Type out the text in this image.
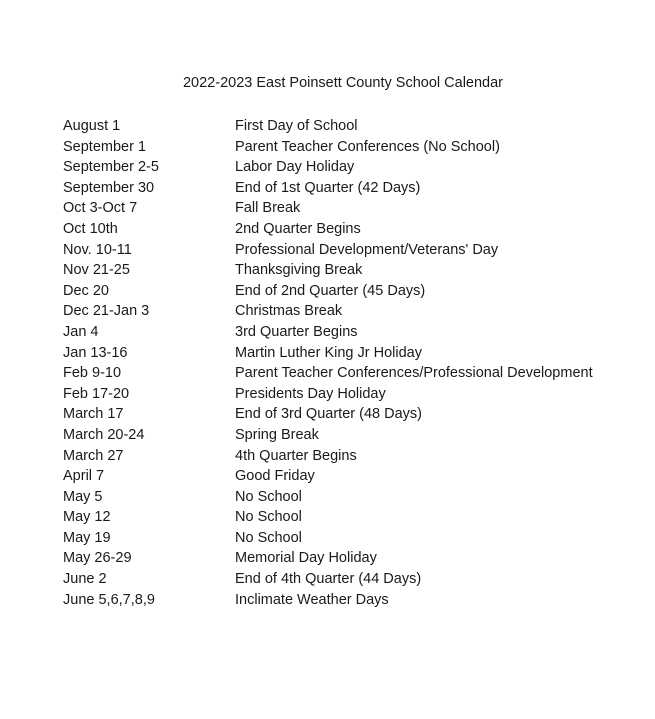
2022-2023 East Poinsett County School Calendar
August 1	First Day of School
September 1	Parent Teacher Conferences (No School)
September 2-5	Labor Day Holiday
September 30	End of 1st Quarter (42 Days)
Oct 3-Oct 7	Fall Break
Oct 10th	2nd Quarter Begins
Nov. 10-11	Professional Development/Veterans' Day
Nov 21-25	Thanksgiving Break
Dec 20	End of 2nd Quarter (45 Days)
Dec 21-Jan 3	Christmas Break
Jan 4	3rd Quarter Begins
Jan 13-16	Martin Luther King Jr Holiday
Feb 9-10	Parent Teacher Conferences/Professional Development
Feb 17-20	Presidents Day Holiday
March 17	End of 3rd Quarter (48 Days)
March 20-24	Spring Break
March 27	4th Quarter Begins
April 7	Good Friday
May 5	No School
May 12	No School
May 19	No School
May 26-29	Memorial Day Holiday
June 2	End of 4th Quarter (44 Days)
June 5,6,7,8,9	Inclimate Weather Days
